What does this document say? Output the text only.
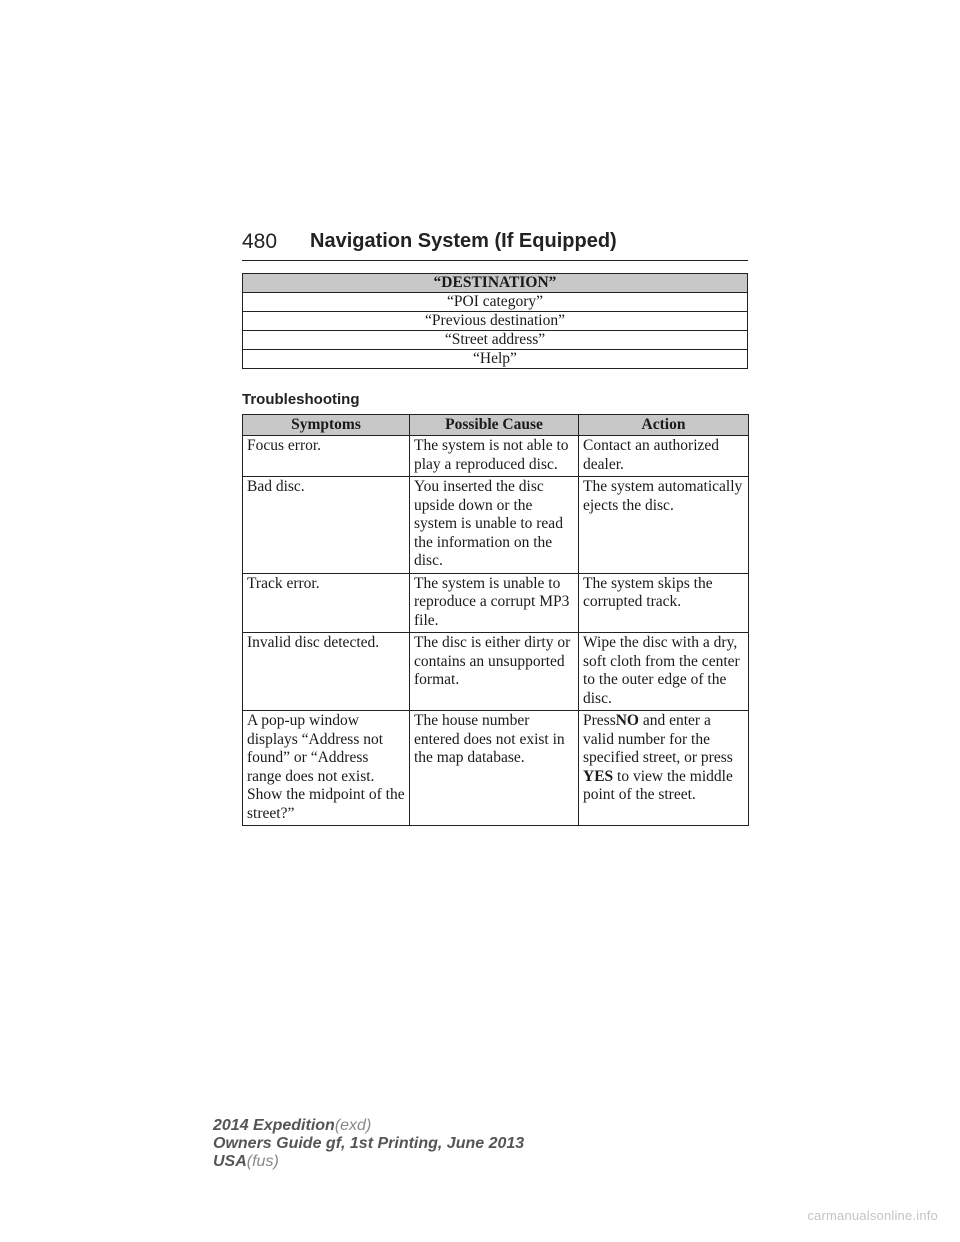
480 Navigation System (If Equipped)
“DESTINATION”
“POI category”
“Previous destination”
“Street address”
“Help”
Troubleshooting
Symptoms	Possible Cause	Action
Focus error.	The system is not able to play a reproduced disc.	Contact an authorized dealer.
Bad disc.	You inserted the disc upside down or the system is unable to read the information on the disc.	The system automatically ejects the disc.
Track error.	The system is unable to reproduce a corrupt MP3 file.	The system skips the corrupted track.
Invalid disc detected.	The disc is either dirty or contains an unsupported format.	Wipe the disc with a dry, soft cloth from the center to the outer edge of the disc.
A pop-up window displays “Address not found” or “Address range does not exist. Show the midpoint of the street?”	The house number entered does not exist in the map database.	PressNO and enter a valid number for the specified street, or press YES to view the middle point of the street.
2014 Expedition(exd)
Owners Guide gf, 1st Printing, June 2013
USA(fus)
carmanualsonline.info
